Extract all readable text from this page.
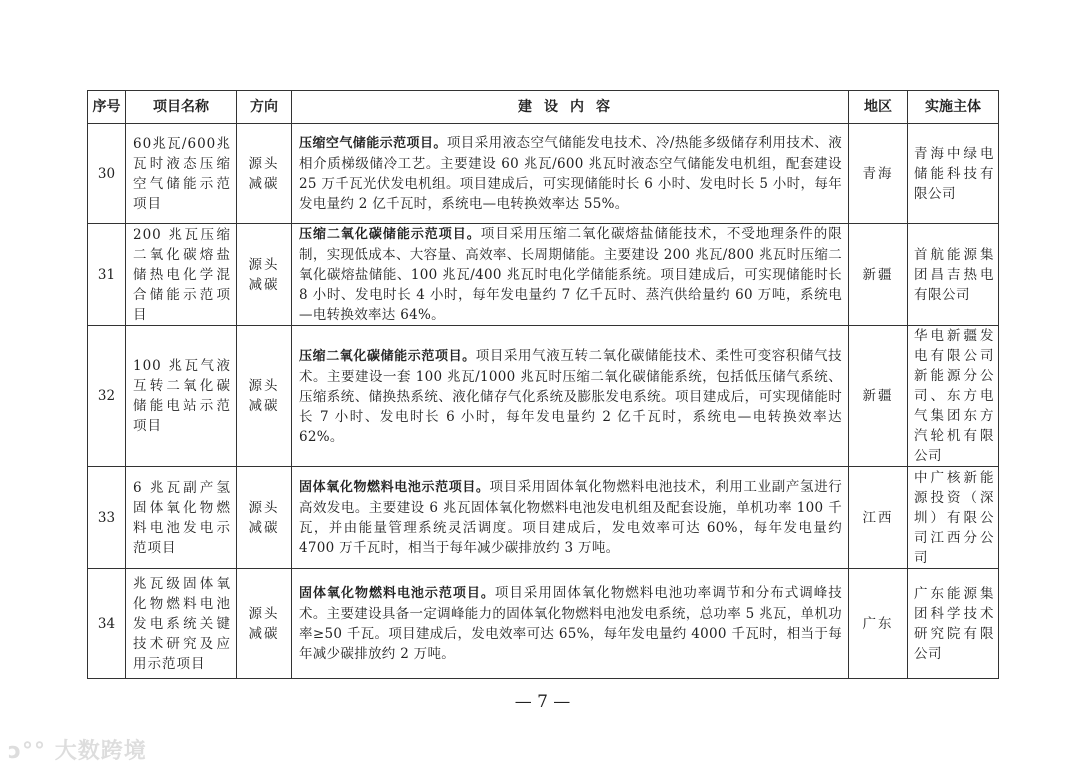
序号	项目名称	方向	建设内容	地区	实施主体
30	60兆瓦/600兆瓦时液态压缩空气储能示范项目	源头减碳	压缩空气储能示范项目。项目采用液态空气储能发电技术、冷/热能多级储存利用技术、液相介质梯级储冷工艺。主要建设 60 兆瓦/600 兆瓦时液态空气储能发电机组，配套建设 25 万千瓦光伏发电机组。项目建成后，可实现储能时长 6 小时、发电时长 5 小时，每年发电量约 2 亿千瓦时，系统电—电转换效率达 55%。	青海	青海中绿电储能科技有限公司
31	200 兆瓦压缩二氧化碳熔盐储热电化学混合储能示范项目	源头减碳	压缩二氧化碳储能示范项目。项目采用压缩二氧化碳熔盐储能技术，不受地理条件的限制，实现低成本、大容量、高效率、长周期储能。主要建设 200 兆瓦/800 兆瓦时压缩二氧化碳熔盐储能、100 兆瓦/400 兆瓦时电化学储能系统。项目建成后，可实现储能时长 8 小时、发电时长 4 小时，每年发电量约 7 亿千瓦时、蒸汽供给量约 60 万吨，系统电—电转换效率达 64%。	新疆	首航能源集团昌吉热电有限公司
32	100 兆瓦气液互转二氧化碳储能电站示范项目	源头减碳	压缩二氧化碳储能示范项目。项目采用气液互转二氧化碳储能技术、柔性可变容积储气技术。主要建设一套 100 兆瓦/1000 兆瓦时压缩二氧化碳储能系统，包括低压储气系统、压缩系统、储换热系统、液化储存气化系统及膨胀发电系统。项目建成后，可实现储能时长 7 小时、发电时长 6 小时，每年发电量约 2 亿千瓦时，系统电—电转换效率达 62%。	新疆	华电新疆发电有限公司新能源分公司、东方电气集团东方汽轮机有限公司
33	6 兆瓦副产氢固体氧化物燃料电池发电示范项目	源头减碳	固体氧化物燃料电池示范项目。项目采用固体氧化物燃料电池技术，利用工业副产氢进行高效发电。主要建设 6 兆瓦固体氧化物燃料电池发电机组及配套设施，单机功率 100 千瓦，并由能量管理系统灵活调度。项目建成后，发电效率可达 60%，每年发电量约 4700 万千瓦时，相当于每年减少碳排放约 3 万吨。	江西	中广核新能源投资（深圳）有限公司江西分公司
34	兆瓦级固体氧化物燃料电池发电系统关键技术研究及应用示范项目	源头减碳	固体氧化物燃料电池示范项目。项目采用固体氧化物燃料电池功率调节和分布式调峰技术。主要建设具备一定调峰能力的固体氧化物燃料电池发电系统，总功率 5 兆瓦，单机功率≥50 千瓦。项目建成后，发电效率可达 65%，每年发电量约 4000 千瓦时，相当于每年减少碳排放约 2 万吨。	广东	广东能源集团科学技术研究院有限公司
— 7 —
ↄ°° 大数跨境
